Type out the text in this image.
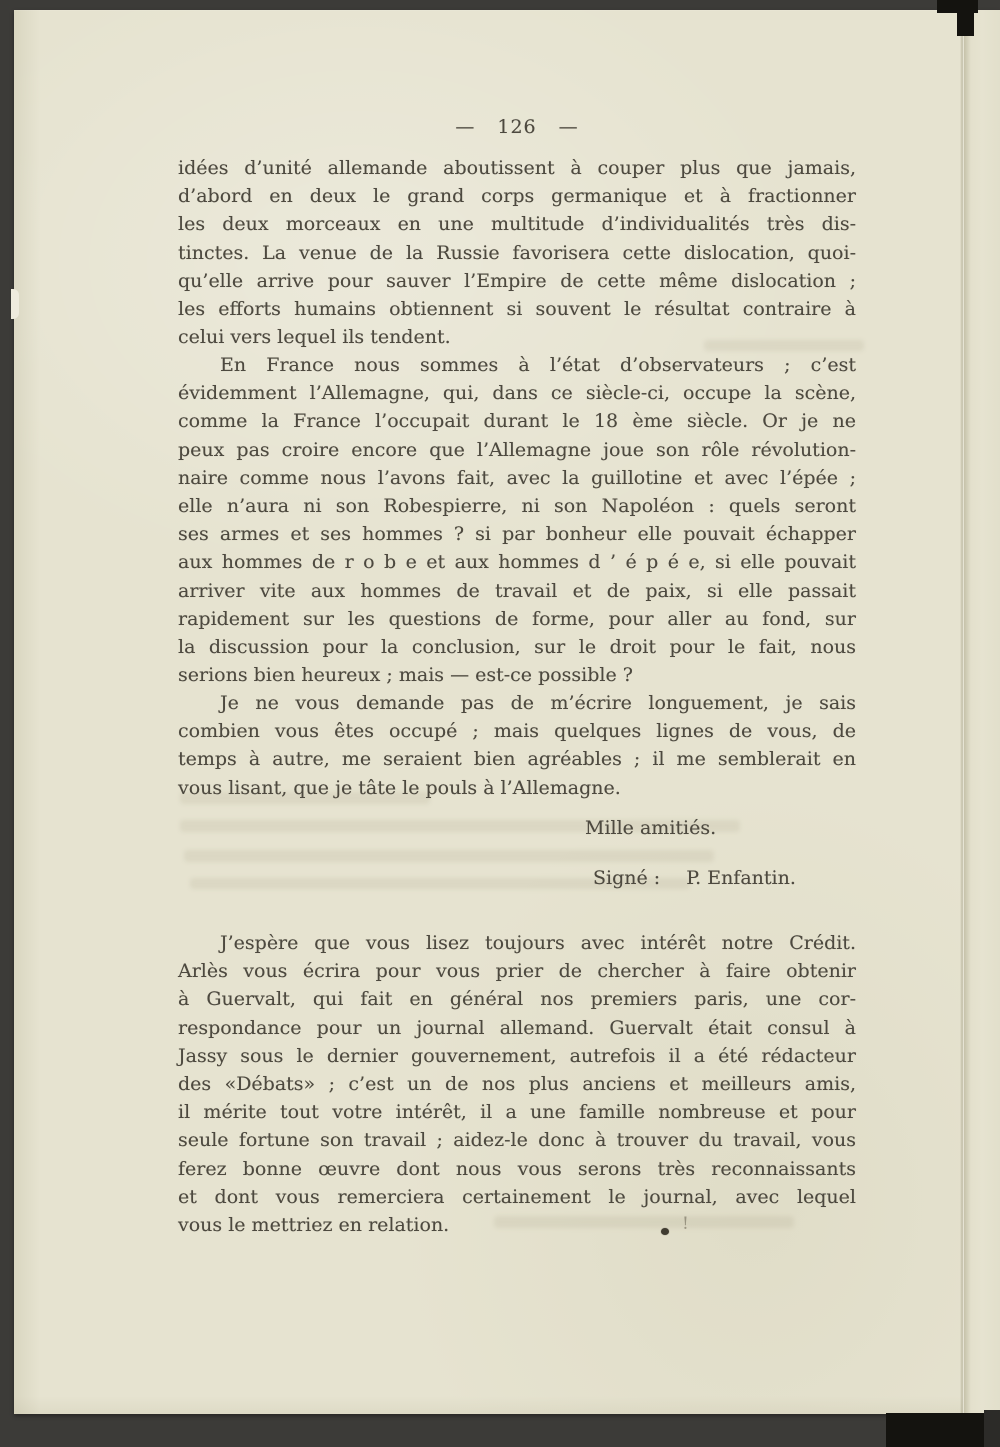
— 126 —
idées d’unité allemande aboutissent à couper plus que jamais,
d’abord en deux le grand corps germanique et à fractionner
les deux morceaux en une multitude d’individualités très dis-
tinctes. La venue de la Russie favorisera cette dislocation, quoi-
qu’elle arrive pour sauver l’Empire de cette même dislocation ;
les efforts humains obtiennent si souvent le résultat contraire à
celui vers lequel ils tendent.
En France nous sommes à l’état d’observateurs ; c’est
évidemment l’Allemagne, qui, dans ce siècle-ci, occupe la scène,
comme la France l’occupait durant le 18 ème siècle. Or je ne
peux pas croire encore que l’Allemagne joue son rôle révolution-
naire comme nous l’avons fait, avec la guillotine et avec l’épée ;
elle n’aura ni son Robespierre, ni son Napoléon : quels seront
ses armes et ses hommes ? si par bonheur elle pouvait échapper
aux hommes de r o b e et aux hommes d ’ é p é e, si elle pouvait
arriver vite aux hommes de travail et de paix, si elle passait
rapidement sur les questions de forme, pour aller au fond, sur
la discussion pour la conclusion, sur le droit pour le fait, nous
serions bien heureux ; mais — est-ce possible ?
Je ne vous demande pas de m’écrire longuement, je sais
combien vous êtes occupé ; mais quelques lignes de vous, de
temps à autre, me seraient bien agréables ; il me semblerait en
vous lisant, que je tâte le pouls à l’Allemagne.
Mille amitiés.
Signé : P. Enfantin.
J’espère que vous lisez toujours avec intérêt notre Crédit.
Arlès vous écrira pour vous prier de chercher à faire obtenir
à Guervalt, qui fait en général nos premiers paris, une cor-
respondance pour un journal allemand. Guervalt était consul à
Jassy sous le dernier gouvernement, autrefois il a été rédacteur
des «Débats» ; c’est un de nos plus anciens et meilleurs amis,
il mérite tout votre intérêt, il a une famille nombreuse et pour
seule fortune son travail ; aidez-le donc à trouver du travail, vous
ferez bonne œuvre dont nous vous serons très reconnaissants
et dont vous remerciera certainement le journal, avec lequel
vous le mettriez en relation.	!
